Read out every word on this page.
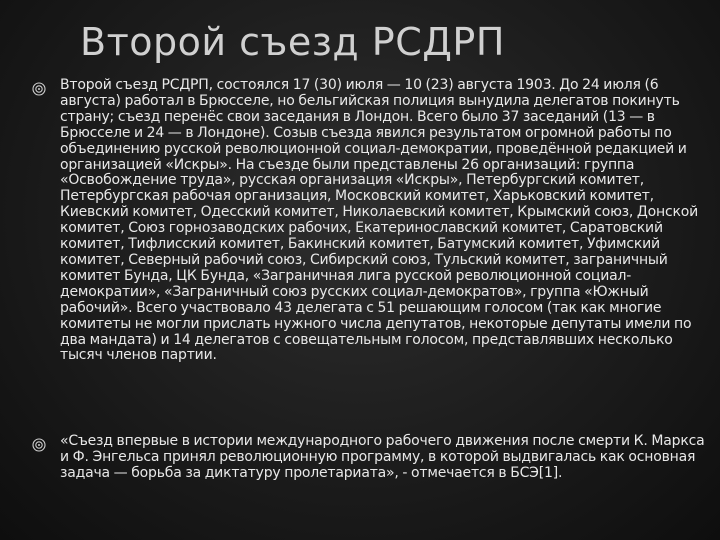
Второй съезд РСДРП
Второй съезд РСДРП, состоялся 17 (30) июля — 10 (23) августа 1903. До 24 июля (6 августа) работал в Брюсселе, но бельгийская полиция вынудила делегатов покинуть страну; съезд перенёс свои заседания в Лондон. Всего было 37 заседаний (13 — в Брюсселе и 24 — в Лондоне). Созыв съезда явился результатом огромной работы по объединению русской революционной социал-демократии, проведённой редакцией и организацией «Искры». На съезде были представлены 26 организаций: группа «Освобождение труда», русская организация «Искры», Петербургский комитет, Петербургская рабочая организация, Московский комитет, Харьковский комитет, Киевский комитет, Одесский комитет, Николаевский комитет, Крымский союз, Донской комитет, Союз горнозаводских рабочих, Екатеринославский комитет, Саратовский комитет, Тифлисский комитет, Бакинский комитет, Батумский комитет, Уфимский комитет, Северный рабочий союз, Сибирский союз, Тульский комитет, заграничный комитет Бунда, ЦК Бунда, «Заграничная лига русской революционной социал-демократии», «Заграничный союз русских социал-демократов», группа «Южный рабочий». Всего участвовало 43 делегата с 51 решающим голосом (так как многие комитеты не могли прислать нужного числа депутатов, некоторые депутаты имели по два мандата) и 14 делегатов с совещательным голосом, представлявших несколько тысяч членов партии.
«Съезд впервые в истории международного рабочего движения после смерти К. Маркса и Ф. Энгельса принял революционную программу, в которой выдвигалась как основная задача — борьба за диктатуру пролетариата», - отмечается в БСЭ[1].
